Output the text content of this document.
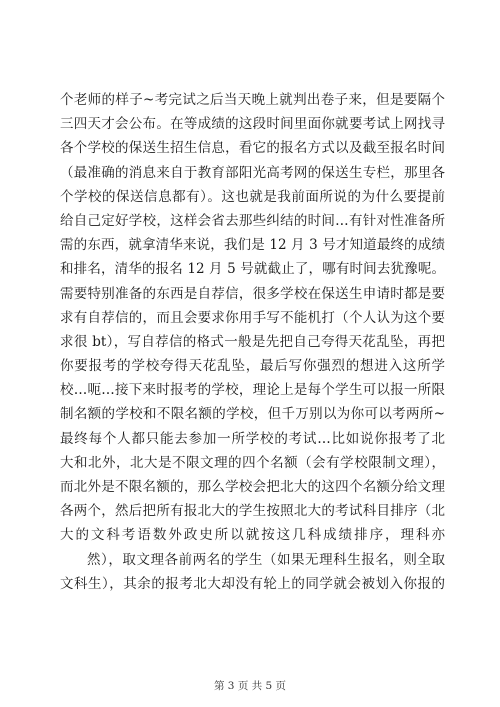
个老师的样子~考完试之后当天晚上就判出卷子来，但是要隔个
三四天才会公布。在等成绩的这段时间里面你就要考试上网找寻
各个学校的保送生招生信息，看它的报名方式以及截至报名时间
（最准确的消息来自于教育部阳光高考网的保送生专栏，那里各
个学校的保送信息都有）。这也就是我前面所说的为什么要提前
给自己定好学校，这样会省去那些纠结的时间…有针对性准备所
需的东西，就拿清华来说，我们是 12 月 3 号才知道最终的成绩
和排名，清华的报名 12 月 5 号就截止了，哪有时间去犹豫呢。
需要特别准备的东西是自荐信，很多学校在保送生申请时都是要
求有自荐信的，而且会要求你用手写不能机打（个人认为这个要
求很 bt），写自荐信的格式一般是先把自己夸得天花乱坠，再把
你要报考的学校夸得天花乱坠，最后写你强烈的想进入这所学
校…呃…接下来时报考的学校，理论上是每个学生可以报一所限
制名额的学校和不限名额的学校，但千万别以为你可以考两所~
最终每个人都只能去参加一所学校的考试…比如说你报考了北
大和北外，北大是不限文理的四个名额（会有学校限制文理），
而北外是不限名额的，那么学校会把北大的这四个名额分给文理
各两个，然后把所有报北大的学生按照北大的考试科目排序（北
大的文科考语数外政史所以就按这几科成绩排序，理科亦
然），取文理各前两名的学生（如果无理科生报名，则全取
文科生），其余的报考北大却没有轮上的同学就会被划入你报的
第 3 页 共 5 页
